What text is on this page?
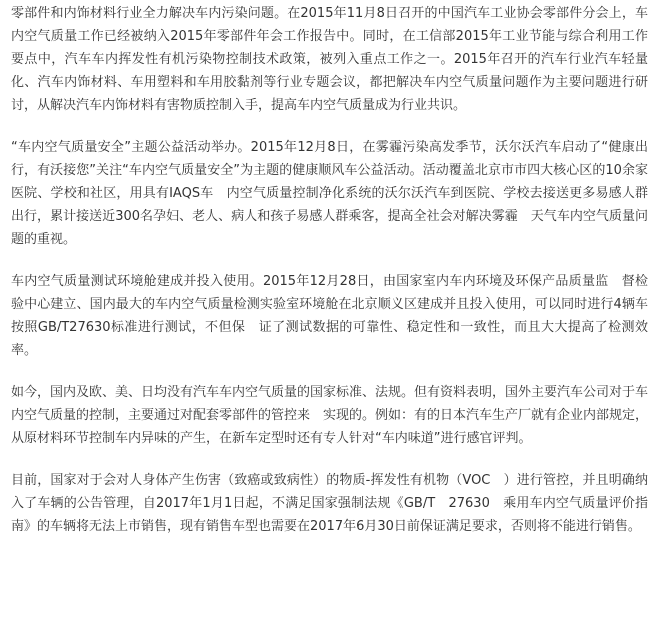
零部件和内饰材料行业全力解决车内污染问题。在2015年11月8日召开的中国汽车工业协会零部件分会上，车内空气质量工作已经被纳入2015年零部件年会工作报告中。同时，在工信部2015年工业节能与综合利用工作要点中，汽车车内挥发性有机污染物控制技术政策，被列入重点工作之一。2015年召开的汽车行业汽车轻量化、汽车内饰材料、车用塑料和车用胶黏剂等行业专题会议，都把解决车内空气质量问题作为主要问题进行研讨，从解决汽车内饰材料有害物质控制入手，提高车内空气质量成为行业共识。

“车内空气质量安全”主题公益活动举办。2015年12月8日，在雾霾污染高发季节，沃尔沃汽车启动了“健康出行，有沃接您”关注“车内空气质量安全”为主题的健康顺风车公益活动。活动覆盖北京市市四大核心区的10余家医院、学校和社区，用具有IAQS车　内空气质量控制净化系统的沃尔沃汽车到医院、学校去接送更多易感人群出行，累计接送近300名孕妇、老人、病人和孩子易感人群乘客，提高全社会对解决雾霾　天气车内空气质量问题的重视。

车内空气质量测试环境舱建成并投入使用。2015年12月28日，由国家室内车内环境及环保产品质量监　督检验中心建立、国内最大的车内空气质量检测实验室环境舱在北京顺义区建成并且投入使用，可以同时进行4辆车按照GB/T27630标准进行测试，不但保　证了测试数据的可靠性、稳定性和一致性，而且大大提高了检测效率。

如今，国内及欧、美、日均没有汽车车内空气质量的国家标准、法规。但有资料表明，国外主要汽车公司对于车内空气质量的控制，主要通过对配套零部件的管控来　实现的。例如：有的日本汽车生产厂就有企业内部规定，从原材料环节控制车内异味的产生，在新车定型时还有专人针对“车内味道”进行感官评判。

目前，国家对于会对人身体产生伤害（致癌或致病性）的物质-挥发性有机物（VOC　）进行管控，并且明确纳入了车辆的公告管理，自2017年1月1日起，不满足国家强制法规《GB/T　27630　乘用车内空气质量评价指南》的车辆将无法上市销售，现有销售车型也需要在2017年6月30日前保证满足要求，否则将不能进行销售。
